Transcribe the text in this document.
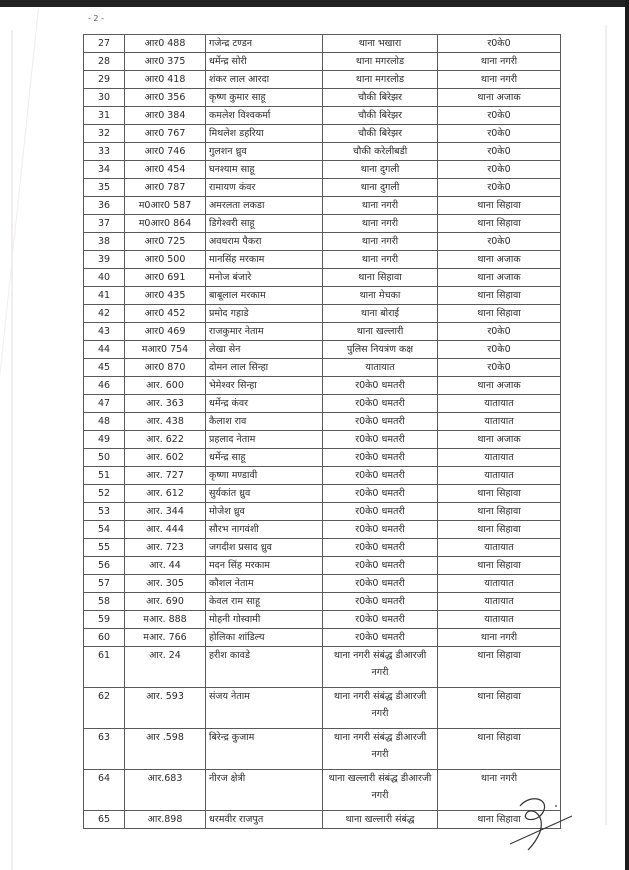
- 2 -
27	आर0 488	गजेन्द्र टण्डन	थाना भखारा	र0के0
28	आर0 375	धर्मेन्द्र सोरी	थाना मगरलोड	थाना नगरी
29	आर0 418	शंकर लाल आरदा	थाना मगरलोड	थाना नगरी
30	आर0 356	कृष्ण कुमार साहू	चौकी बिरेझर	थाना अजाक
31	आर0 384	कमलेश विश्वकर्मा	चौकी बिरेझर	र0के0
32	आर0 767	मिथलेश डहरिया	चौकी बिरेझर	र0के0
33	आर0 746	गुलशन ध्रुव	चौकी करेलीबडी	र0के0
34	आर0 454	घनश्याम साहू	थाना दुगली	र0के0
35	आर0 787	रामायण कंवर	थाना दुगली	र0के0
36	म0आर0 587	अमरलता लकडा	थाना नगरी	थाना सिहावा
37	म0आर0 864	डिगेश्वरी साहू	थाना नगरी	थाना सिहावा
38	आर0 725	अवधराम पैकरा	थाना नगरी	र0के0
39	आर0 500	मानसिंह मरकाम	थाना नगरी	थाना अजाक
40	आर0 691	मनोज बंजारे	थाना सिहावा	थाना अजाक
41	आर0 435	बाबूलाल मरकाम	थाना मेचका	थाना सिहावा
42	आर0 452	प्रमोद गहाडे	थाना बोराई	थाना सिहावा
43	आर0 469	राजकुमार नेताम	थाना खल्लारी	र0के0
44	मआर0 754	लेखा सेन	पुलिस नियत्रंण कक्ष	र0के0
45	आर0 870	दोमन लाल सिन्हा	यातायात	र0के0
46	आर. 600	भेमेश्वर सिन्हा	र0के0 धमतरी	थाना अजाक
47	आर. 363	धर्मेन्द्र कंवर	र0के0 धमतरी	यातायात
48	आर. 438	कैलाश राव	र0के0 धमतरी	यातायात
49	आर. 622	प्रहलाद नेताम	र0के0 धमतरी	थाना अजाक
50	आर. 602	धर्मेन्द्र साहू	र0के0 धमतरी	यातायात
51	आर. 727	कृष्णा मण्डावी	र0के0 धमतरी	यातायात
52	आर. 612	सुर्यकांत ध्रुव	र0के0 धमतरी	थाना सिहावा
53	आर. 344	मोजेश ध्रुव	र0के0 धमतरी	थाना सिहावा
54	आर. 444	सौरभ नागवंशी	र0के0 धमतरी	थाना सिहावा
55	आर. 723	जगदीश प्रसाद ध्रुव	र0के0 धमतरी	यातायात
56	आर. 44	मदन सिंह मरकाम	र0के0 धमतरी	थाना सिहावा
57	आर. 305	कौशल नेताम	र0के0 धमतरी	यातायात
58	आर. 690	केवल राम साहू	र0के0 धमतरी	यातायात
59	मआर. 888	मोहनी गोस्वामी	र0के0 धमतरी	यातायात
60	मआर. 766	होलिका शांडिल्य	र0के0 धमतरी	थाना नगरी
61	आर. 24	हरीश कावडे	थाना नगरी संबंद्ध डीआरजी नगरी	थाना सिहावा
62	आर. 593	संजय नेताम	थाना नगरी संबंद्ध डीआरजी नगरी	थाना सिहावा
63	आर .598	बिरेन्द्र कुजाम	थाना नगरी संबंद्ध डीआरजी नगरी	थाना सिहावा
64	आर.683	नीरज क्षेत्री	थाना खल्लारी संबंद्ध डीआरजी नगरी	थाना नगरी
65	आर.898	धरमवीर राजपुत	थाना खल्लारी संबंद्ध	थाना सिहावा
